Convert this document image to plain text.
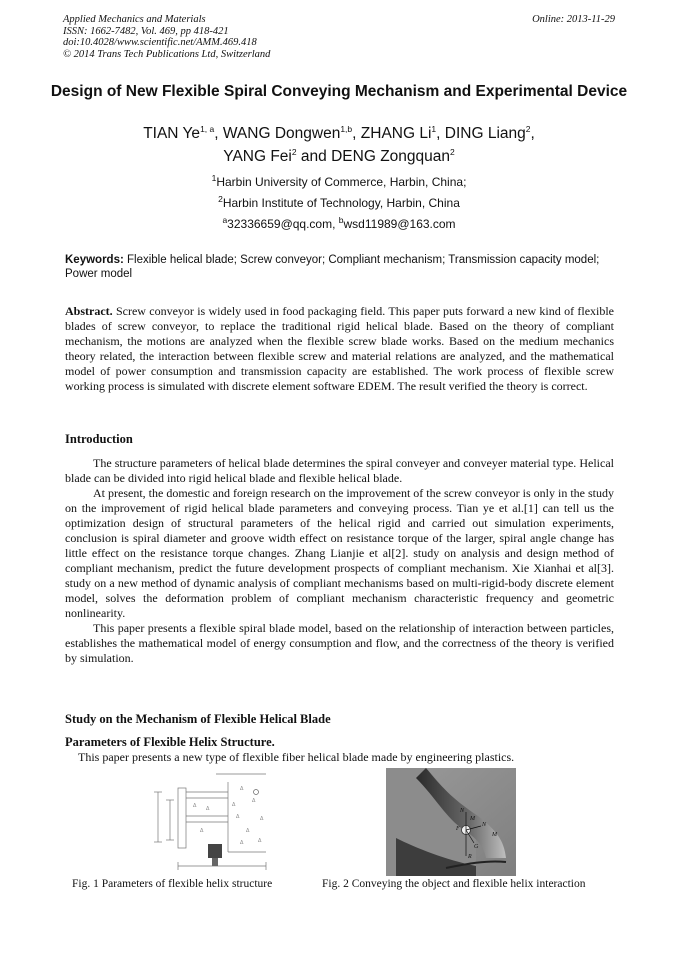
Applied Mechanics and Materials
ISSN: 1662-7482, Vol. 469, pp 418-421
doi:10.4028/www.scientific.net/AMM.469.418
© 2014 Trans Tech Publications Ltd, Switzerland
Online: 2013-11-29
Design of New Flexible Spiral Conveying Mechanism and Experimental Device
TIAN Ye$^{1, a}$, WANG Dongwen$^{1,b}$, ZHANG Li$^1$, DING Liang$^2$,
YANG Fei$^2$ and DENG Zongquan$^2$
$^1$Harbin University of Commerce, Harbin, China;
$^2$Harbin Institute of Technology, Harbin, China
$^a$32336659@qq.com, $^b$wsd11989@163.com
Keywords: Flexible helical blade; Screw conveyor; Compliant mechanism; Transmission capacity model; Power model
Abstract. Screw conveyor is widely used in food packaging field. This paper puts forward a new kind of flexible blades of screw conveyor, to replace the traditional rigid helical blade. Based on the theory of compliant mechanism, the motions are analyzed when the flexible screw blade works. Based on the medium mechanics theory related, the interaction between flexible screw and material relations are analyzed, and the mathematical model of power consumption and transmission capacity are established. The work process of flexible screw working process is simulated with discrete element software EDEM. The result verified the theory is correct.
Introduction

The structure parameters of helical blade determines the spiral conveyer and conveyer material type. Helical blade can be divided into rigid helical blade and flexible helical blade.

At present, the domestic and foreign research on the improvement of the screw conveyor is only in the study on the improvement of rigid helical blade parameters and conveying process. Tian ye et al.[1] can tell us the optimization design of structural parameters of the helical rigid and carried out simulation experiments, conclusion is spiral diameter and groove width effect on resistance torque of the larger, spiral angle change has little effect on the resistance torque changes. Zhang Lianjie et al[2]. study on analysis and design method of compliant mechanism, predict the future development prospects of compliant mechanism. Xie Xianhai et al[3]. study on a new method of dynamic analysis of compliant mechanisms based on multi-rigid-body discrete element model, solves the deformation problem of compliant mechanism characteristic frequency and geometric nonlinearity.

This paper presents a flexible spiral blade model, based on the relationship of interaction between particles, establishes the mathematical model of energy consumption and flow, and the correctness of the theory is verified by simulation.

Study on the Mechanism of Flexible Helical Blade
Parameters of Flexible Helix Structure.
This paper presents a new type of flexible fiber helical blade made by engineering plastics.
Δ Δ
Δ
Δ
Δ
Δ
Δ
Δ
Δ
Δ
Δ
N
M
F
N
G
R
M
Fig. 1 Parameters of flexible helix structure	Fig. 2 Conveying the object and flexible helix interaction
